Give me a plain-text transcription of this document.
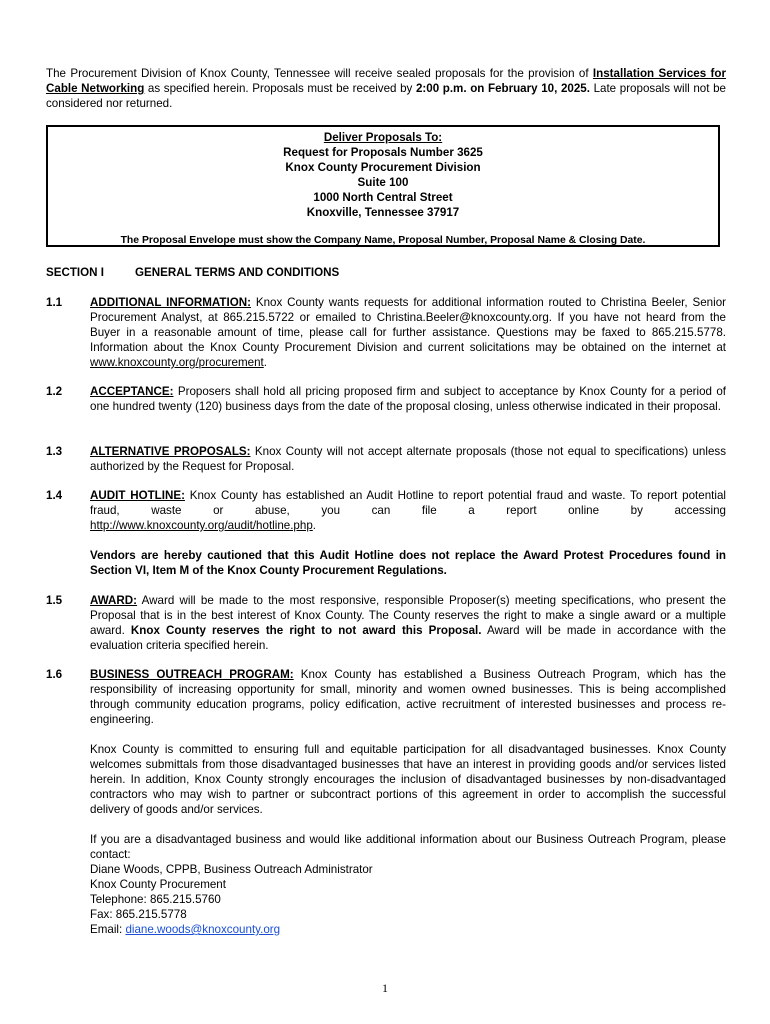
The Procurement Division of Knox County, Tennessee will receive sealed proposals for the provision of Installation Services for Cable Networking as specified herein. Proposals must be received by 2:00 p.m. on February 10, 2025. Late proposals will not be considered nor returned.
Deliver Proposals To:
Request for Proposals Number 3625
Knox County Procurement Division
Suite 100
1000 North Central Street
Knoxville, Tennessee 37917
The Proposal Envelope must show the Company Name, Proposal Number, Proposal Name & Closing Date.
SECTION I	GENERAL TERMS AND CONDITIONS
1.1 ADDITIONAL INFORMATION: Knox County wants requests for additional information routed to Christina Beeler, Senior Procurement Analyst, at 865.215.5722 or emailed to Christina.Beeler@knoxcounty.org. If you have not heard from the Buyer in a reasonable amount of time, please call for further assistance. Questions may be faxed to 865.215.5778. Information about the Knox County Procurement Division and current solicitations may be obtained on the internet at www.knoxcounty.org/procurement.

1.2 ACCEPTANCE: Proposers shall hold all pricing proposed firm and subject to acceptance by Knox County for a period of one hundred twenty (120) business days from the date of the proposal closing, unless otherwise indicated in their proposal.

1.3 ALTERNATIVE PROPOSALS: Knox County will not accept alternate proposals (those not equal to specifications) unless authorized by the Request for Proposal.

1.4 AUDIT HOTLINE: Knox County has established an Audit Hotline to report potential fraud and waste. To report potential fraud, waste or abuse, you can file a report online by accessing

http://www.knoxcounty.org/audit/hotline.php.

Vendors are hereby cautioned that this Audit Hotline does not replace the Award Protest Procedures found in Section VI, Item M of the Knox County Procurement Regulations.

1.5 AWARD: Award will be made to the most responsive, responsible Proposer(s) meeting specifications, who present the Proposal that is in the best interest of Knox County. The County reserves the right to make a single award or a multiple award. Knox County reserves the right to not award this Proposal. Award will be made in accordance with the evaluation criteria specified herein.

1.6 BUSINESS OUTREACH PROGRAM: Knox County has established a Business Outreach Program, which has the responsibility of increasing opportunity for small, minority and women owned businesses. This is being accomplished through community education programs, policy edification, active recruitment of interested businesses and process re-engineering.

Knox County is committed to ensuring full and equitable participation for all disadvantaged businesses. Knox County welcomes submittals from those disadvantaged businesses that have an interest in providing goods and/or services listed herein. In addition, Knox County strongly encourages the inclusion of disadvantaged businesses by non-disadvantaged contractors who may wish to partner or subcontract portions of this agreement in order to accomplish the successful delivery of goods and/or services.

If you are a disadvantaged business and would like additional information about our Business Outreach Program, please contact:
Diane Woods, CPPB, Business Outreach Administrator
Knox County Procurement
Telephone: 865.215.5760
Fax: 865.215.5778
Email: diane.woods@knoxcounty.org

1
